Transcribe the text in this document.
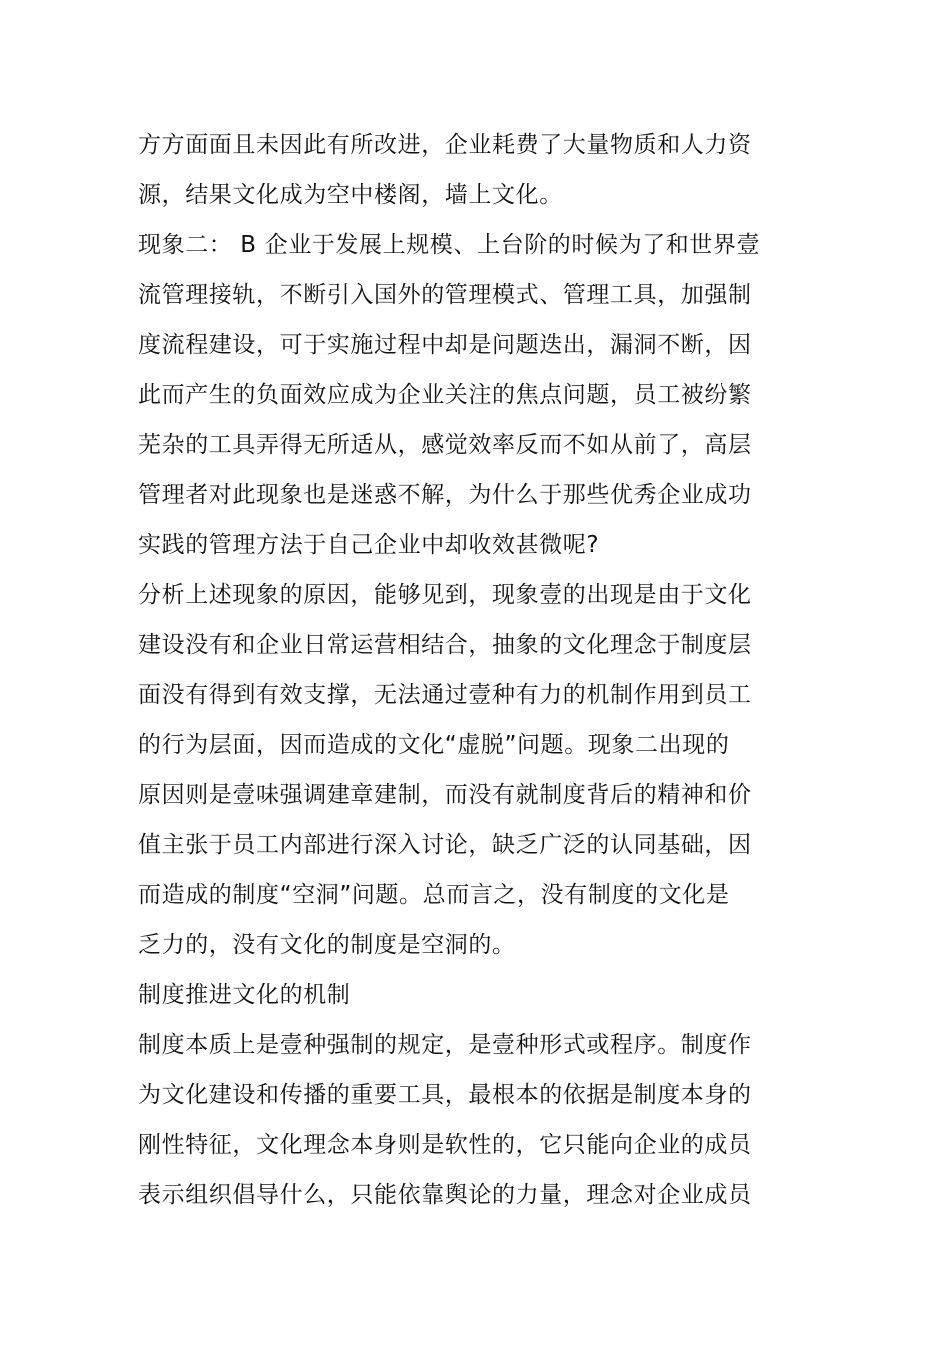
方方面面且未因此有所改进，企业耗费了大量物质和人力资
源，结果文化成为空中楼阁，墙上文化。
现象二： B 企业于发展上规模、上台阶的时候为了和世界壹
流管理接轨，不断引入国外的管理模式、管理工具，加强制
度流程建设，可于实施过程中却是问题迭出，漏洞不断，因
此而产生的负面效应成为企业关注的焦点问题，员工被纷繁
芜杂的工具弄得无所适从，感觉效率反而不如从前了，高层
管理者对此现象也是迷惑不解，为什么于那些优秀企业成功
实践的管理方法于自己企业中却收效甚微呢?
分析上述现象的原因，能够见到，现象壹的出现是由于文化
建设没有和企业日常运营相结合，抽象的文化理念于制度层
面没有得到有效支撑，无法通过壹种有力的机制作用到员工
的行为层面，因而造成的文化“虚脱”问题。现象二出现的
原因则是壹味强调建章建制，而没有就制度背后的精神和价
值主张于员工内部进行深入讨论，缺乏广泛的认同基础，因
而造成的制度“空洞”问题。总而言之，没有制度的文化是
乏力的，没有文化的制度是空洞的。
制度推进文化的机制
制度本质上是壹种强制的规定，是壹种形式或程序。制度作
为文化建设和传播的重要工具，最根本的依据是制度本身的
刚性特征，文化理念本身则是软性的，它只能向企业的成员
表示组织倡导什么，只能依靠舆论的力量，理念对企业成员
